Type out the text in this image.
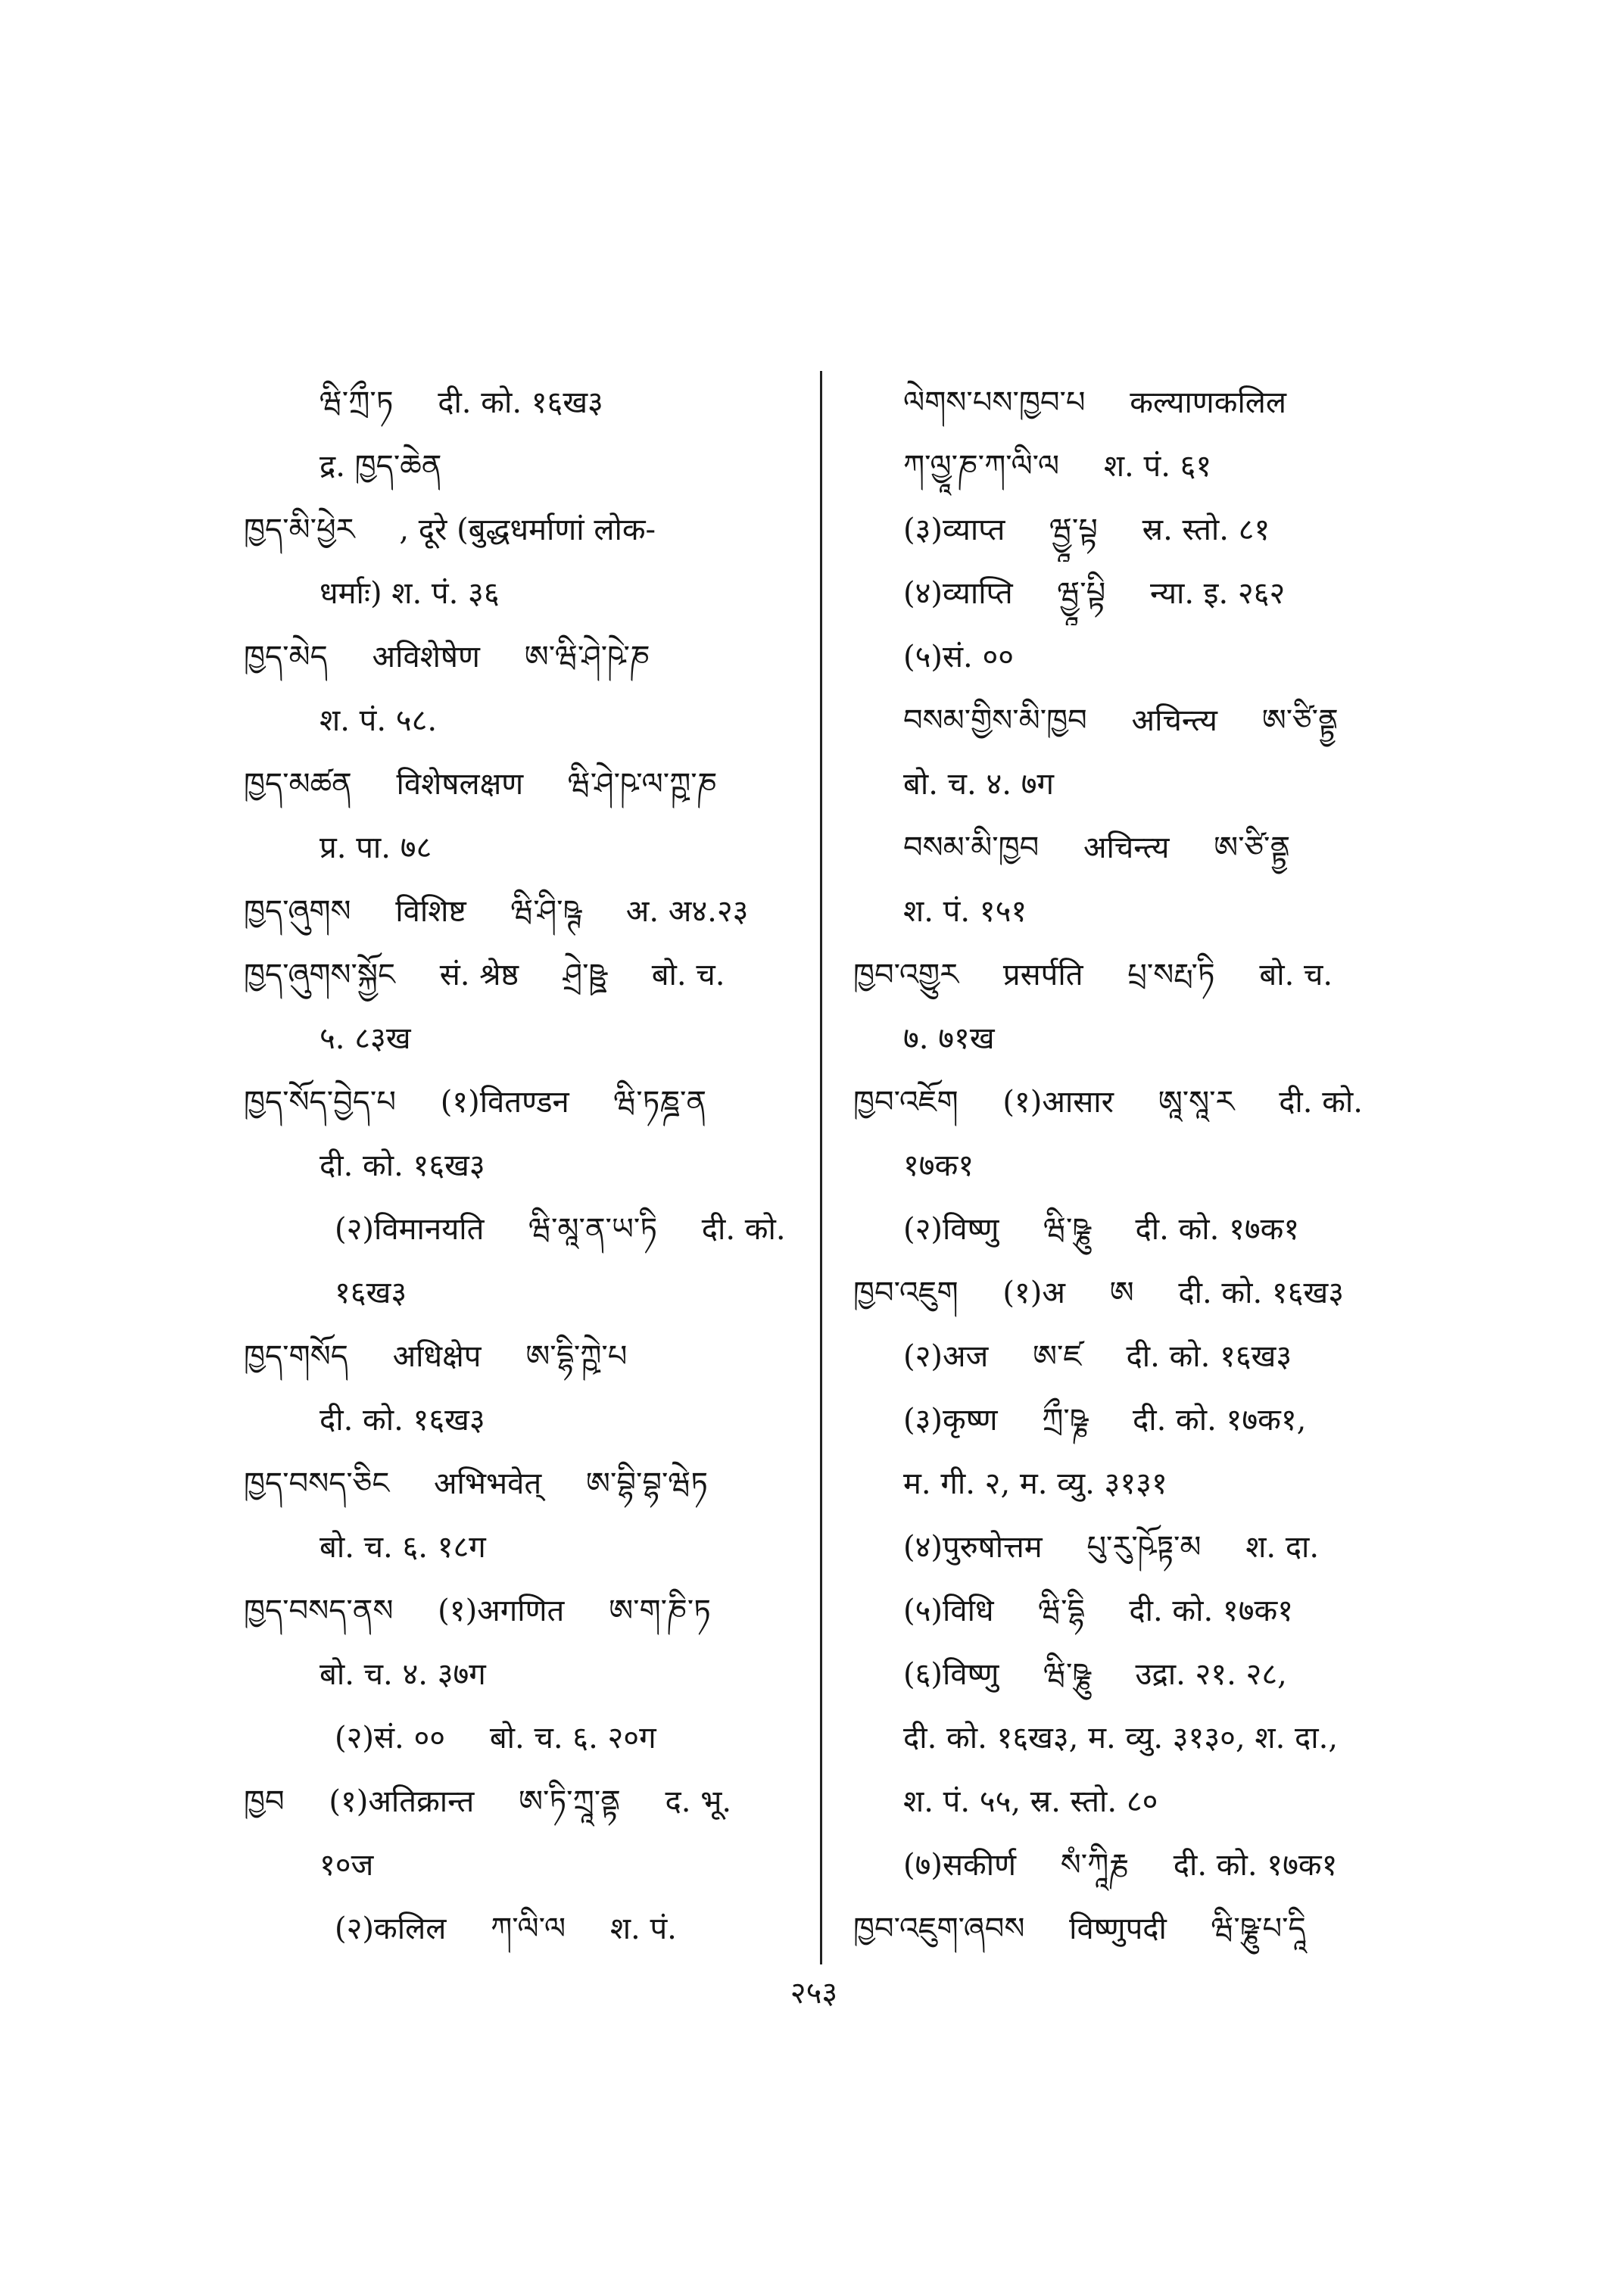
ཝི་ཀྲྀ་ཏ दी. को. १६ख३
द्र. ཁྱད་ཆེན
ཁྱད་མི་ཕྱེར , दूरे (बुद्धधर्माणां लोक-
धर्माः) श. पं. ३६
ཁྱད་མེད अविशेषेण ཨ་ཝི་ཤེ་ཥེ་ཎ
श. पं. ५८.
ཁྱད་མཚན विशेषलक्षण ཝི་ཤེ་ཥ་ལ་ཀྵ་ཎ
प्र. पा. ७८
ཁྱད་ཞུགས विशिष्ट ཝི་ཤི་ཥྚ अ. अ४.२३
ཁྱད་ཞུགས་སྐྱོང सं. श्रेष्ठ ཤྲེ་ཥྛ बो. च.
५. ८३ख
ཁྱད་སོད་བྱེད་པ (१)वितण्डन ཝི་ཏཎྜ་ན
दी. को. १६ख३
(२)विमानयति ཝི་མཱ་ན་ཡ་ཏི दी. को.
१६ख३
ཁྱད་གསོད अधिक्षेप ཨ་དྷི་ཀྵེ་པ
दी. को. १६ख३
ཁྱད་བསད་ཅིང अभिभवेत् ཨ་བྷི་བྷ་ཝེཏ
बो. च. ६. १८ग
ཁྱད་བསད་ནས (१)अगणित ཨ་ག་ཎི་ཏ
बो. च. ४. ३७ग
(२)सं. ०० बो. च. ६. २०ग
ཁྱབ (१)अतिक्रान्त ཨ་ཏི་ཀྲཱ་ནྟ द. भू.
१०ज
(२)कलिल ཀ་ལི་ལ श. पं.
ལེགས་པས་ཁྱབ་པ कल्याणकलिल
ཀ་ལྱཱ་ཎ་ཀ་ལི་ལ श. पं. ६१
(३)व्याप्त ཝྱཱ་པྟ स्र. स्तो. ८१
(४)व्याप्ति ཝྱཱ་པྟི न्या. इ. २६२
(५)सं. ००
བསམ་གྱིས་མི་ཁྱབ अचिन्त्य ཨ་ཙི་ནྟྱ
बो. च. ४. ७ग
བསམ་མི་ཁྱབ अचिन्त्य ཨ་ཙི་ནྟྱ
श. पं. १५१
ཁྱབ་འགྱུར प्रसर्पति པྲ་སརྤ་ཏི बो. च.
७. ७१ख
ཁྱབ་འཇོག (१)आसार ཨཱ་སཱ་ར दी. को.
१७क१
(२)विष्णु ཝི་ཥྞུ दी. को. १७क१
ཁྱབ་འཇུག (१)अ ཨ दी. को. १६ख३
(२)अज ཨ་ཛ दी. को. १६ख३
(३)कृष्ण ཀྲྀ་ཥྞ दी. को. १७क१,
म. गी. २, म. व्यु. ३१३१
(४)पुरुषोत्तम པུ་རུ་ཥོཏྟ་མ श. दा.
(५)विधि ཝི་དྷི दी. को. १७क१
(६)विष्णु ཝི་ཥྞུ उद्रा. २१. २८,
दी. को. १६ख३, म. व्यु. ३१३०, श. दा.,
श. पं. ५५, स्र. स्तो. ८०
(७)सकीर्ण སཾ་ཀཱིརྞ दी. को. १७क१
ཁྱབ་འཇུག་ཞབས विष्णुपदी ཝི་ཥྞུ་པ་དཱི
२५३
